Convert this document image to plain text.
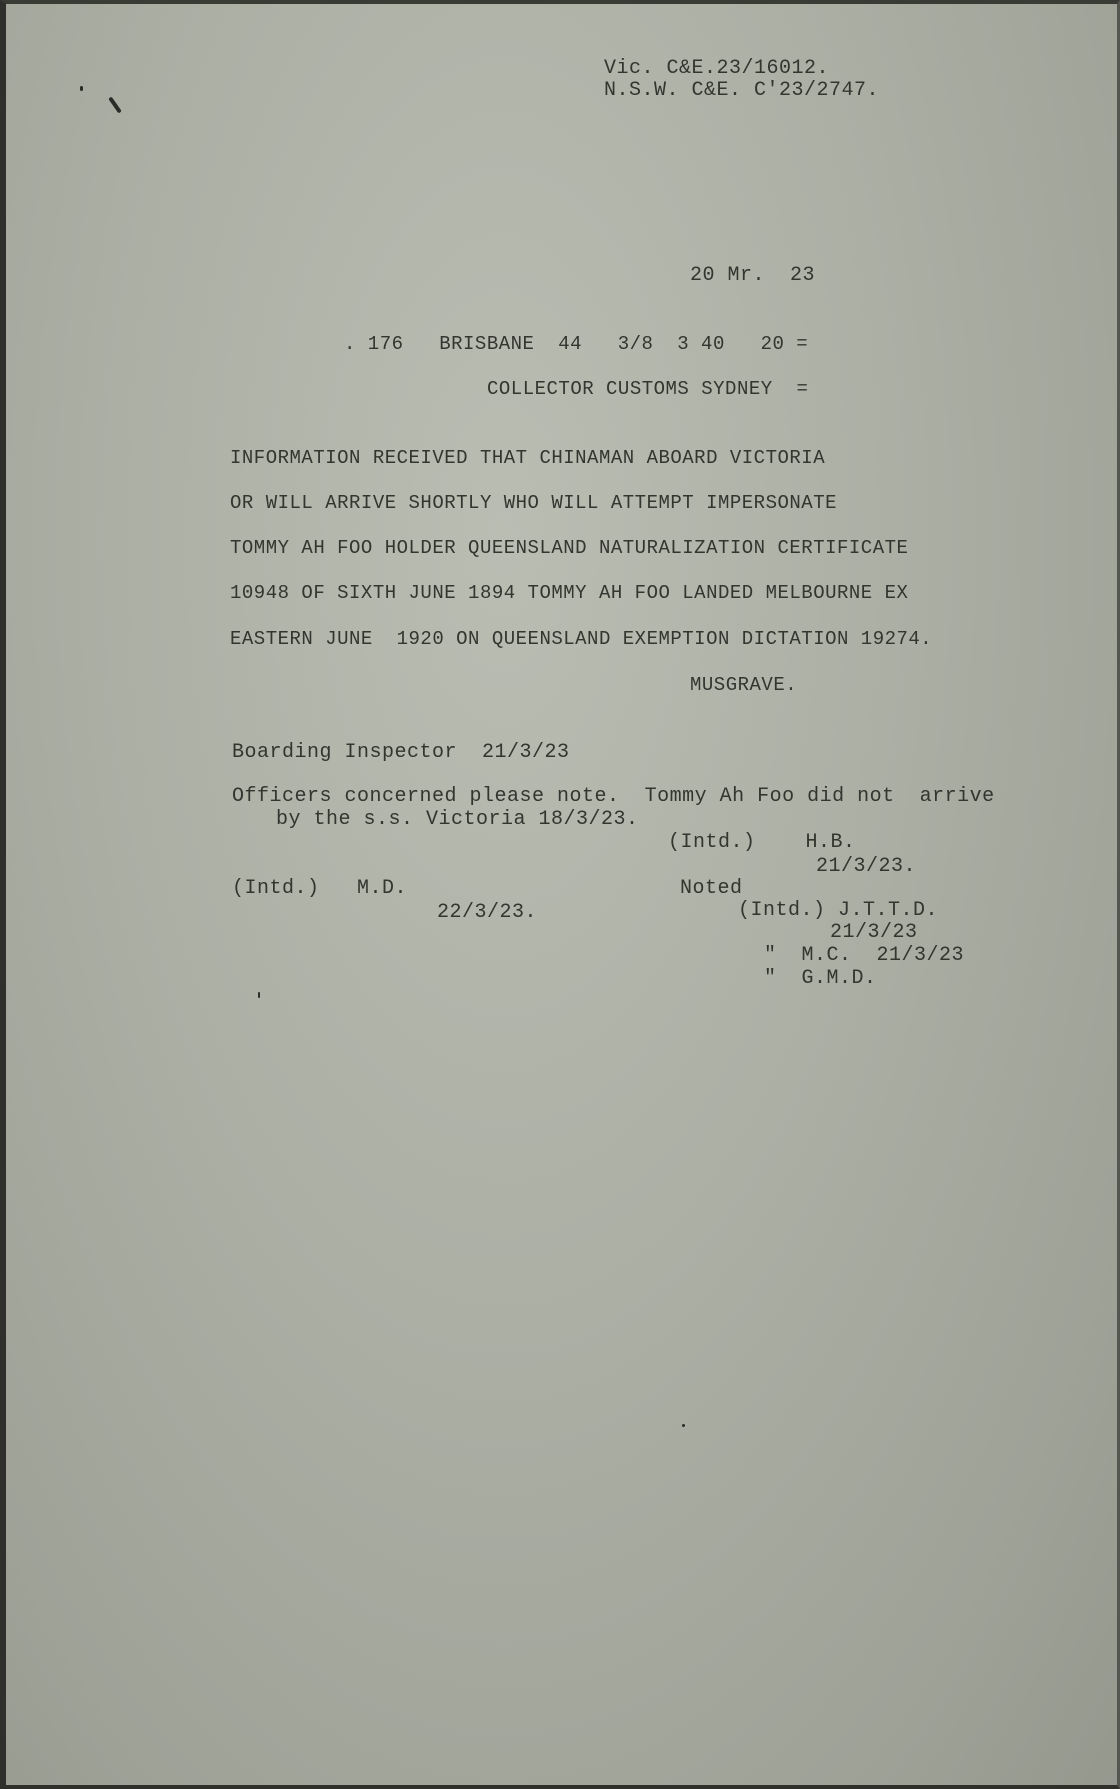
Vic. C&E.23/16012.
N.S.W. C&E. C'23/2747.
20 Mr.  23
. 176   BRISBANE  44   3/8  3 40   20 =
COLLECTOR CUSTOMS SYDNEY  =
INFORMATION RECEIVED THAT CHINAMAN ABOARD VICTORIA
OR WILL ARRIVE SHORTLY WHO WILL ATTEMPT IMPERSONATE
TOMMY AH FOO HOLDER QUEENSLAND NATURALIZATION CERTIFICATE
10948 OF SIXTH JUNE 1894 TOMMY AH FOO LANDED MELBOURNE EX
EASTERN JUNE  1920 ON QUEENSLAND EXEMPTION DICTATION 19274.
MUSGRAVE.
Boarding Inspector  21/3/23
Officers concerned please note.  Tommy Ah Foo did not  arrive
by the s.s. Victoria 18/3/23.
(Intd.)    H.B.
21/3/23.
(Intd.)   M.D.
22/3/23.
Noted
(Intd.) J.T.T.D.
21/3/23
"  M.C.  21/3/23
"  G.M.D.
